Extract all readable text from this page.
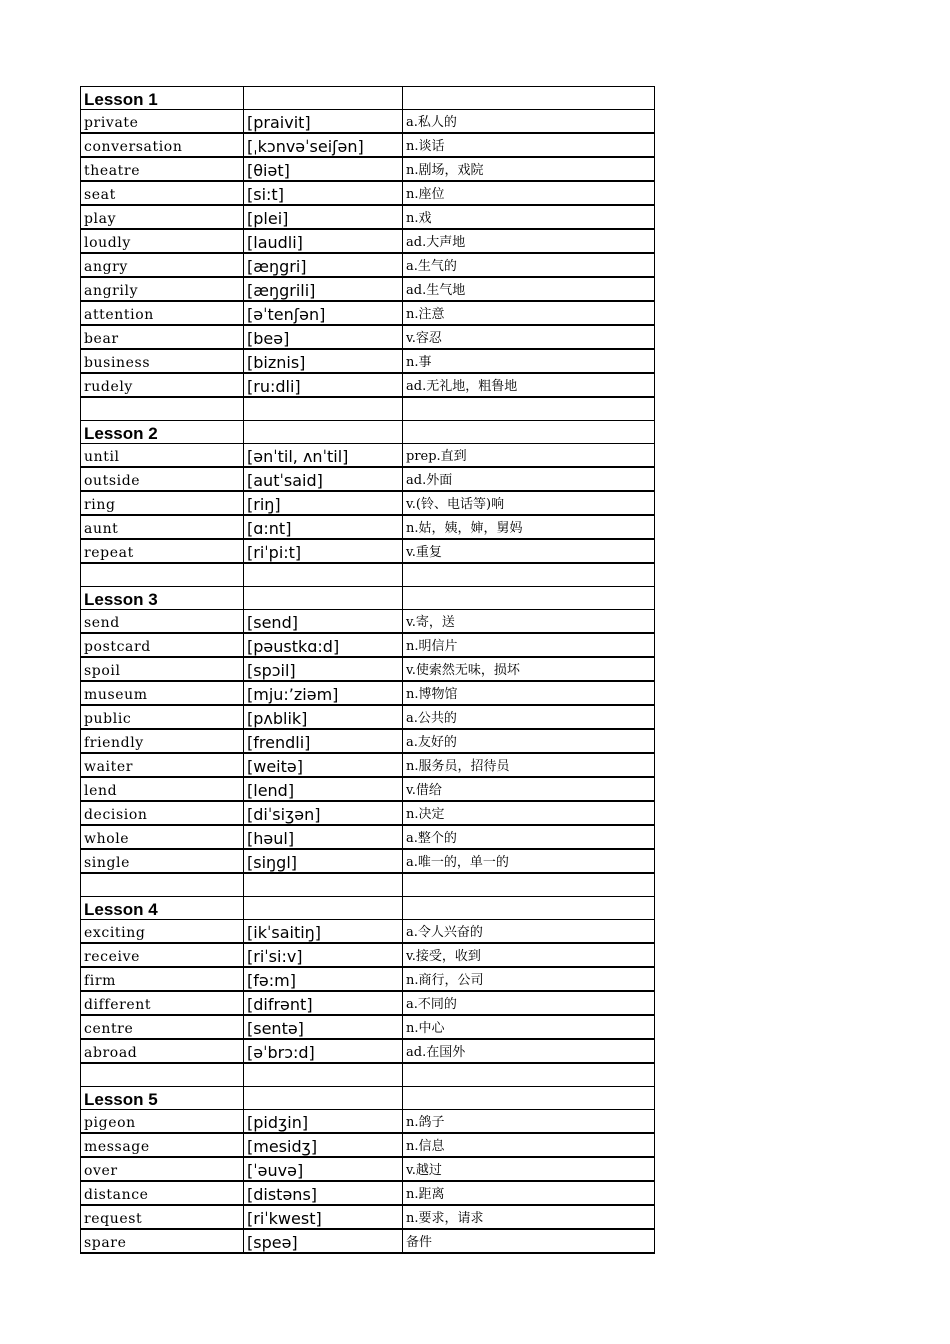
Lesson 1		
private	[praivit]	a.私人的
conversation	[ˌkɔnvəˈseiʃən]	n.谈话
theatre	[θiət]	n.剧场，戏院
seat	[si:t]	n.座位
play	[plei]	n.戏
loudly	[laudli]	ad.大声地
angry	[æŋgri]	a.生气的
angrily	[æŋgrili]	ad.生气地
attention	[əˈtenʃən]	n.注意
bear	[beə]	v.容忍
business	[biznis]	n.事
rudely	[ru:dli]	ad.无礼地，粗鲁地

Lesson 2		
until	[ənˈtil, ʌnˈtil]	prep.直到
outside	[autˈsaid]	ad.外面
ring	[riŋ]	v.(铃、电话等)响
aunt	[ɑ:nt]	n.姑，姨，婶，舅妈
repeat	[riˈpi:t]	v.重复

Lesson 3		
send	[send]	v.寄，送
postcard	[pəustkɑ:d]	n.明信片
spoil	[spɔil]	v.使索然无味，损坏
museum	[mju:’ziəm]	n.博物馆
public	[pʌblik]	a.公共的
friendly	[frendli]	a.友好的
waiter	[weitə]	n.服务员，招待员
lend	[lend]	v.借给
decision	[diˈsiʒən]	n.决定
whole	[həul]	a.整个的
single	[siŋgl]	a.唯一的，单一的

Lesson 4		
exciting	[ikˈsaitiŋ]	a.令人兴奋的
receive	[riˈsi:v]	v.接受，收到
firm	[fə:m]	n.商行，公司
different	[difrənt]	a.不同的
centre	[sentə]	n.中心
abroad	[əˈbrɔ:d]	ad.在国外

Lesson 5		
pigeon	[pidʒin]	n.鸽子
message	[mesidʒ]	n.信息
over	[ˈəuvə]	v.越过
distance	[distəns]	n.距离
request	[riˈkwest]	n.要求，请求
spare	[speə]	备件
